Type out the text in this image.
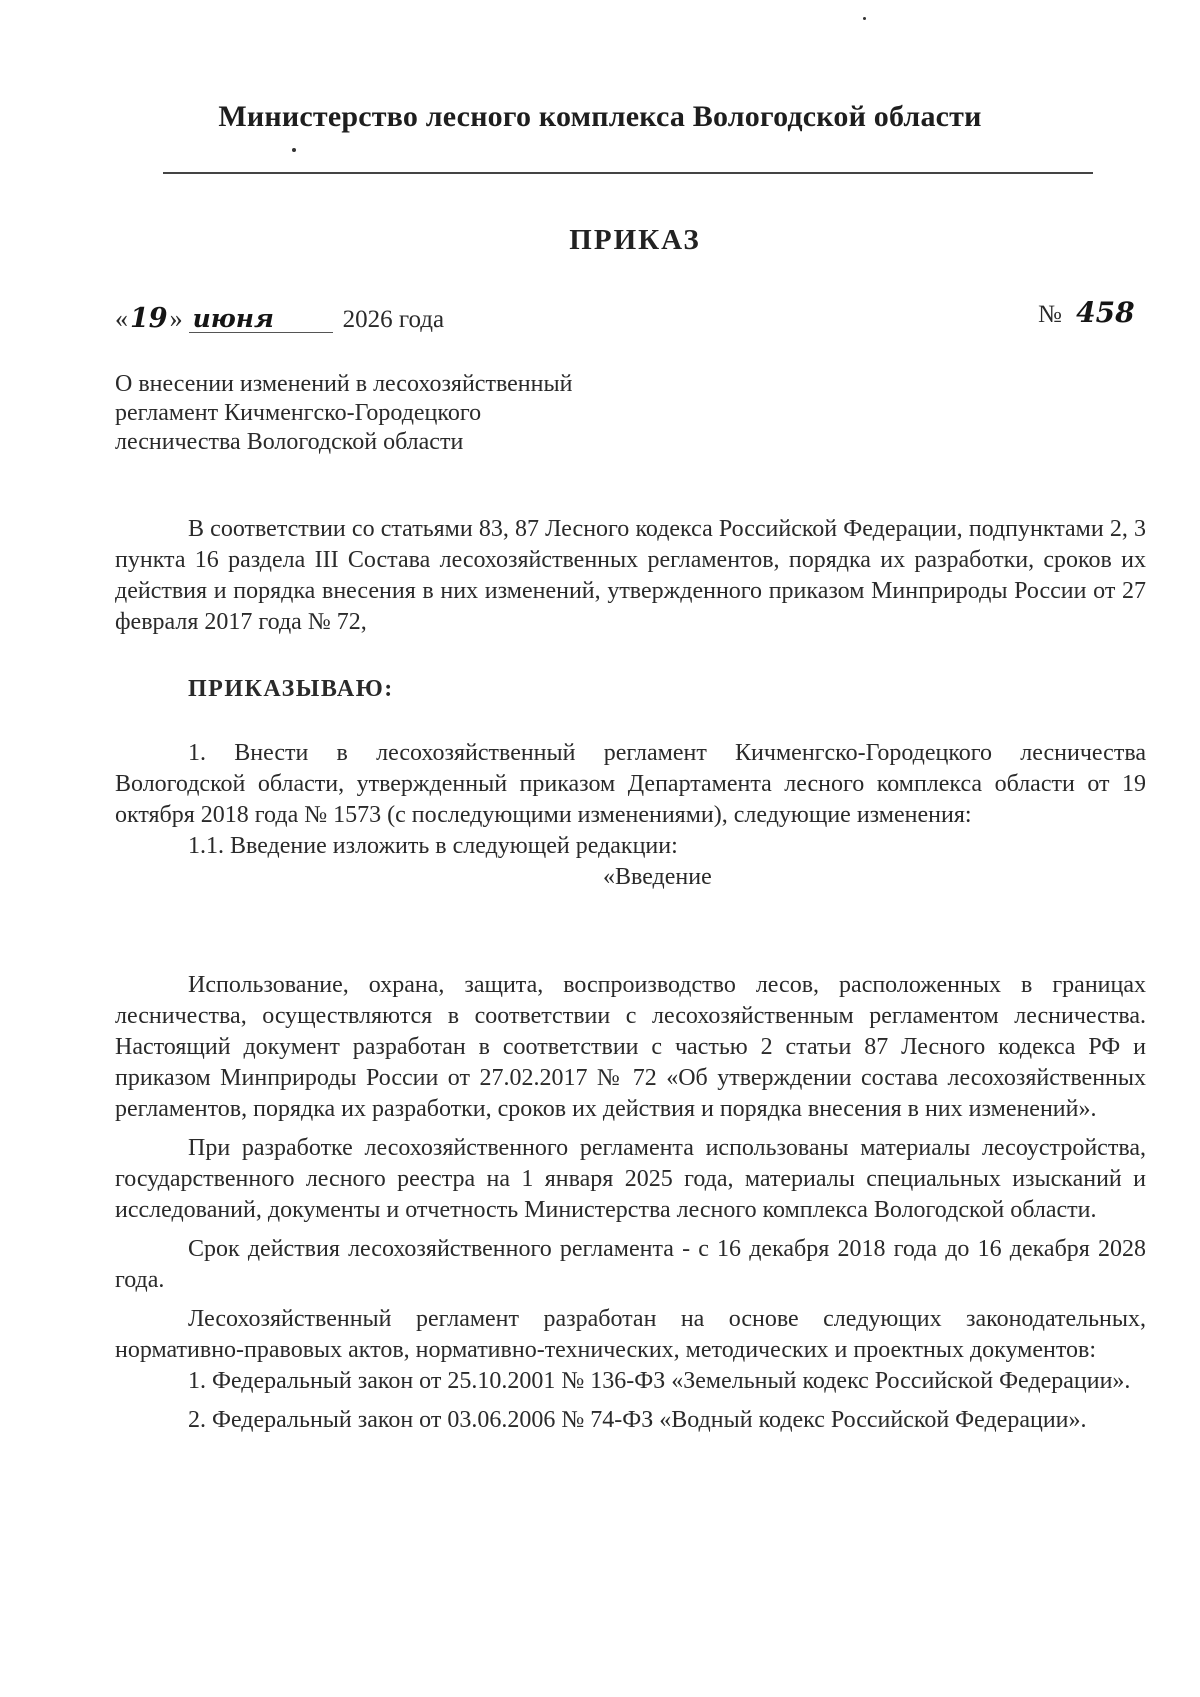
Министерство лесного комплекса Вологодской области
ПРИКАЗ
« 19 » июня	2026 года	№ 458
О внесении изменений в лесохозяйственный
регламент Кичменгско-Городецкого
лесничества Вологодской области

В соответствии со статьями 83, 87 Лесного кодекса Российской Федерации, подпунктами 2, 3 пункта 16 раздела III Состава лесохозяйственных регламентов, порядка их разработки, сроков их действия и порядка внесения в них изменений, утвержденного приказом Минприроды России от 27 февраля 2017 года № 72,

ПРИКАЗЫВАЮ:

1. Внести в лесохозяйственный регламент Кичменгско-Городецкого лесничества Вологодской области, утвержденный приказом Департамента лесного комплекса области от 19 октября 2018 года № 1573 (с последующими изменениями), следующие изменения:

1.1. Введение изложить в следующей редакции:

«Введение

Использование, охрана, защита, воспроизводство лесов, расположенных в границах лесничества, осуществляются в соответствии с лесохозяйственным регламентом лесничества. Настоящий документ разработан в соответствии с частью 2 статьи 87 Лесного кодекса РФ и приказом Минприроды России от 27.02.2017 № 72 «Об утверждении состава лесохозяйственных регламентов, порядка их разработки, сроков их действия и порядка внесения в них изменений».

При разработке лесохозяйственного регламента использованы материалы лесоустройства, государственного лесного реестра на 1 января 2025 года, материалы специальных изысканий и исследований, документы и отчетность Министерства лесного комплекса Вологодской области.

Срок действия лесохозяйственного регламента - с 16 декабря 2018 года до 16 декабря 2028 года.

Лесохозяйственный регламент разработан на основе следующих законодательных, нормативно-правовых актов, нормативно-технических, методических и проектных документов:

1. Федеральный закон от 25.10.2001 № 136-ФЗ «Земельный кодекс Российской Федерации».

2. Федеральный закон от 03.06.2006 № 74-ФЗ «Водный кодекс Российской Федерации».
